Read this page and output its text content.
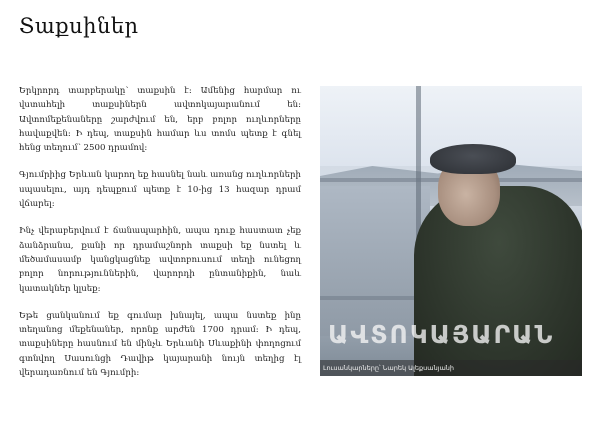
Տաքսիներ

Երկրորդ տարբերակը՝ տաքսին է: Ամենից հարմար ու վստահելի տաքսիներն ավտոկայարանում են: Ավտոմեքենաները շարժվում են, երբ բոլոր ուղևորները հավաքվեն: Ի դեպ, տաքսին համար ևս տոմս պետք է գնել հենց տեղում՝ 2500 դրամով:

Գյումրիից Երևան կարող եք հասնել նաև առանց ուղևորների սպասելու, այդ դեպքում պետք է 10-ից 13 հազար դրամ վճարել:

Ինչ վերաբերվում է ճանապարհին, ապա դուք հաստատ չեք ձանձրանա, քանի որ դրամաշնորհ տաքսի եք նստել և մեծամասամբ կանցկացնեք ավտոբուսում տեղի ունեցող բոլոր նորություններին, վարորդի ընտանիքին, նաև կատակներ կլսեք:

Եթե ցանկանում եք գումար խնայել, ապա նստեք ինը տեղանոց մեքենաներ, որոնք արժեն 1700 դրամ: Ի դեպ, տաքսիները հասնում են մինչև Երևանի Սևաքինի փողոցում գտնվող Սասունցի Դավիթ կայարանի նույն տեղից էլ վերադառնում են Գյումրի:

ԱՎՏՈԿԱՅԱՐԱՆ
Լուսանկարները՝ Նարեկ Ալեքսանյանի
